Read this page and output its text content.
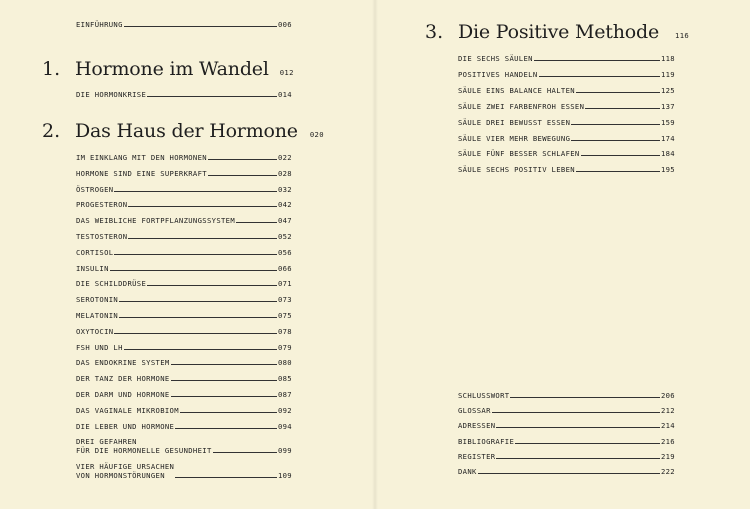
EINFÜHRUNG	006
1. Hormone im Wandel 012
DIE HORMONKRISE	014
2. Das Haus der Hormone 020
IM EINKLANG MIT DEN HORMONEN	022
HORMONE SIND EINE SUPERKRAFT	028
ÖSTROGEN	032
PROGESTERON	042
DAS WEIBLICHE FORTPFLANZUNGSSYSTEM	047
TESTOSTERON	052
CORTISOL	056
INSULIN	066
DIE SCHILDDRÜSE	071
SEROTONIN	073
MELATONIN	075
OXYTOCIN	078
FSH UND LH	079
DAS ENDOKRINE SYSTEM	080
DER TANZ DER HORMONE	085
DER DARM UND HORMONE	087
DAS VAGINALE MIKROBIOM	092
DIE LEBER UND HORMONE	094
DREI GEFAHREN
FÜR DIE HORMONELLE GESUNDHEIT	099
VIER HÄUFIGE URSACHEN
VON HORMONSTÖRUNGEN	109
3. Die Positive Methode 116
DIE SECHS SÄULEN	118
POSITIVES HANDELN	119
SÄULE EINS BALANCE HALTEN	125
SÄULE ZWEI FARBENFROH ESSEN	137
SÄULE DREI BEWUSST ESSEN	159
SÄULE VIER MEHR BEWEGUNG	174
SÄULE FÜNF BESSER SCHLAFEN	184
SÄULE SECHS POSITIV LEBEN	195
SCHLUSSWORT	206
GLOSSAR	212
ADRESSEN	214
BIBLIOGRAFIE	216
REGISTER	219
DANK	222
